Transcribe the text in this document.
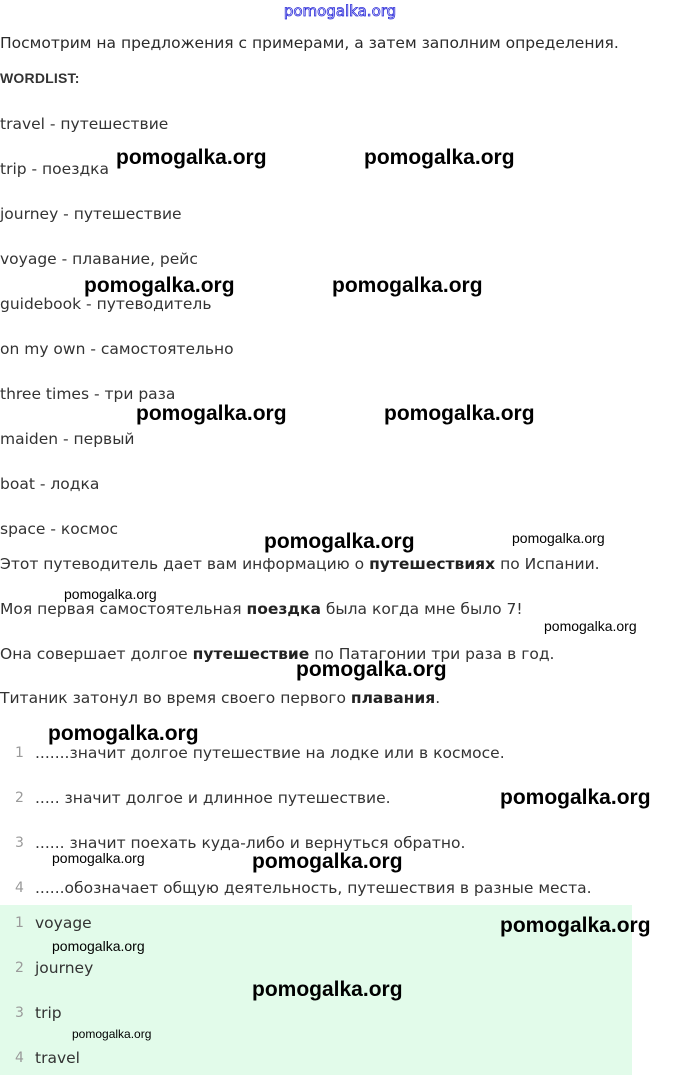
pomogalka.org
Посмотрим на предложения с примерами, а затем заполним определения.
WORDLIST:
travel - путешествие
trip - поездка
journey - путешествие
voyage - плавание, рейс
guidebook - путеводитель
on my own - самостоятельно
three times - три раза
maiden - первый
boat - лодка
space - космос
Этот путеводитель дает вам информацию о путешествиях по Испании.
Моя первая самостоятельная поездка была когда мне было 7!
Она совершает долгое путешествие по Патагонии три раза в год.
Титаник затонул во время своего первого плавания.
1 .......значит долгое путешествие на лодке или в космосе.
2 ..... значит долгое и длинное путешествие.
3 ...... значит поехать куда-либо и вернуться обратно.
4 ......обозначает общую деятельность, путешествия в разные места.
1 voyage
2 journey
3 trip
4 travel
pomogalka.org	pomogalka.org
pomogalka.org	pomogalka.org
pomogalka.org	pomogalka.org
pomogalka.org	pomogalka.org
pomogalka.org
pomogalka.org
pomogalka.org
pomogalka.org
pomogalka.org
pomogalka.org	pomogalka.org
pomogalka.org
pomogalka.org
pomogalka.org
pomogalka.org
